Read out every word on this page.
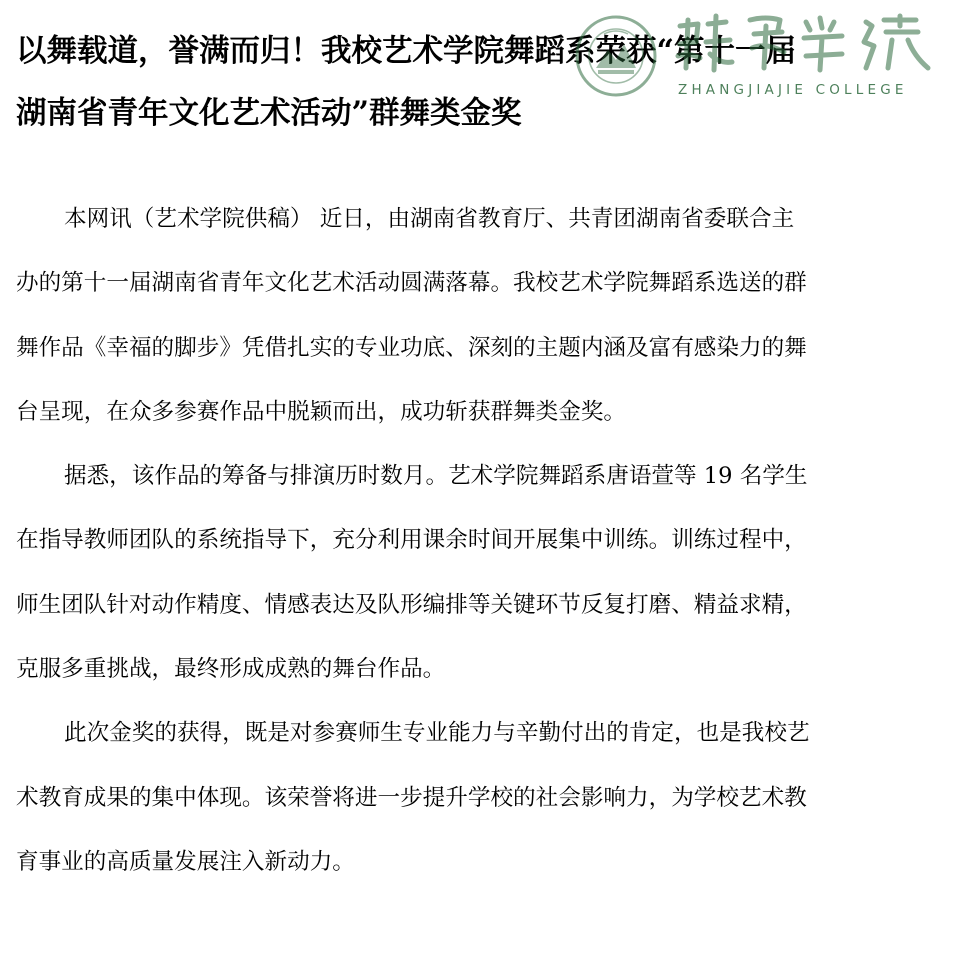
以舞载道，誉满而归！我校艺术学院舞蹈系荣获“第十一届
湖南省青年文化艺术活动”群舞类金奖
ZHANGJIAJIE COLLEGE

本网讯（艺术学院供稿） 近日，由湖南省教育厅、共青团湖南省委联合主
办的第十一届湖南省青年文化艺术活动圆满落幕。我校艺术学院舞蹈系选送的群
舞作品《幸福的脚步》凭借扎实的专业功底、深刻的主题内涵及富有感染力的舞
台呈现，在众多参赛作品中脱颖而出，成功斩获群舞类金奖。

据悉，该作品的筹备与排演历时数月。艺术学院舞蹈系唐语萱等 19 名学生
在指导教师团队的系统指导下，充分利用课余时间开展集中训练。训练过程中，
师生团队针对动作精度、情感表达及队形编排等关键环节反复打磨、精益求精，
克服多重挑战，最终形成成熟的舞台作品。

此次金奖的获得，既是对参赛师生专业能力与辛勤付出的肯定，也是我校艺
术教育成果的集中体现。该荣誉将进一步提升学校的社会影响力，为学校艺术教
育事业的高质量发展注入新动力。
